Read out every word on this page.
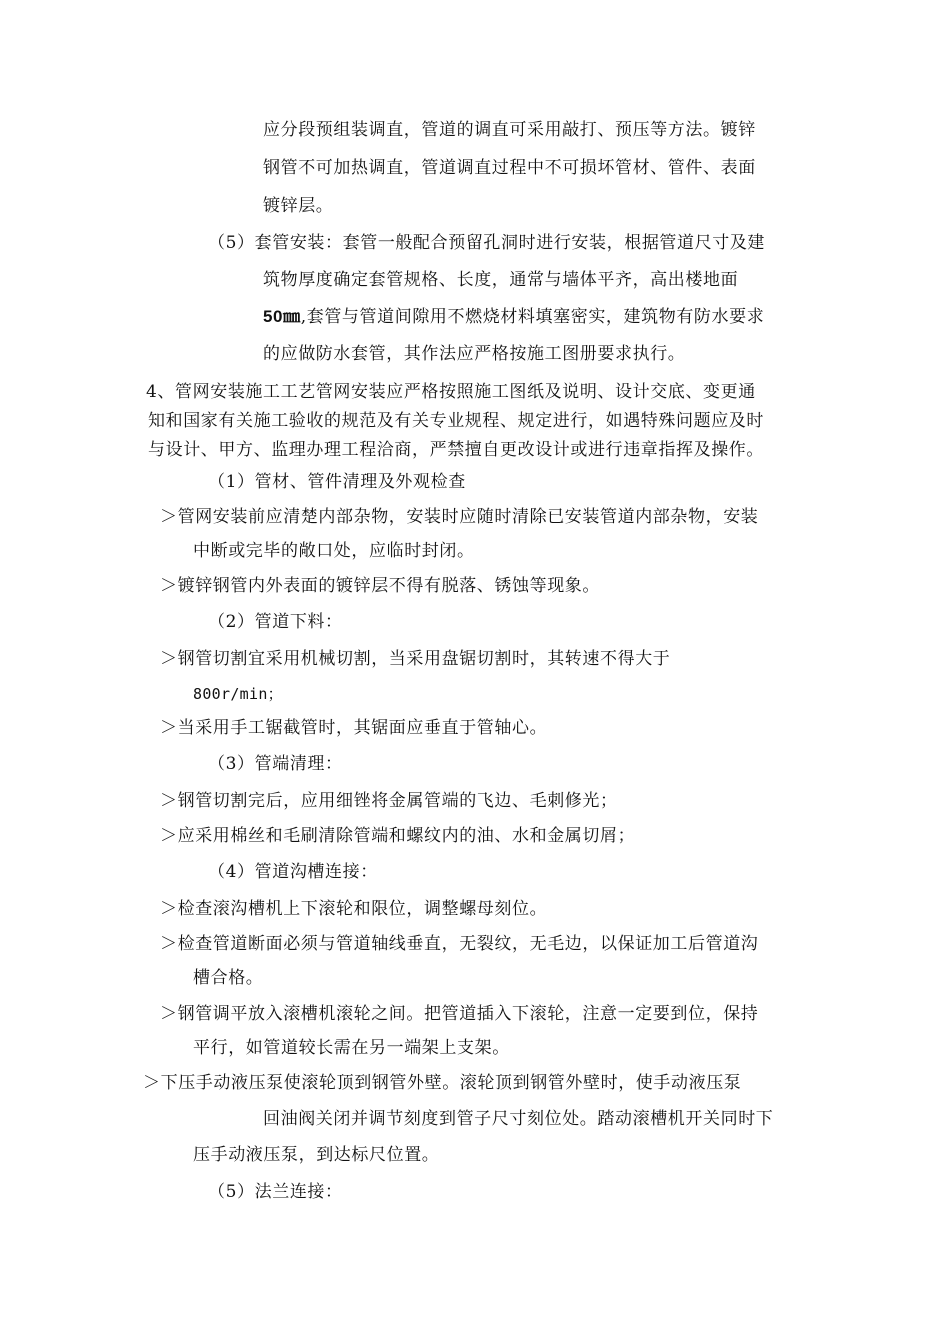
应分段预组装调直，管道的调直可采用敲打、预压等方法。镀锌
钢管不可加热调直，管道调直过程中不可损坏管材、管件、表面
镀锌层。
（5）套管安装：套管一般配合预留孔洞时进行安装，根据管道尺寸及建
筑物厚度确定套管规格、长度，通常与墙体平齐，高出楼地面
50㎜,套管与管道间隙用不燃烧材料填塞密实，建筑物有防水要求
的应做防水套管，其作法应严格按施工图册要求执行。
4、管网安装施工工艺管网安装应严格按照施工图纸及说明、设计交底、变更通
知和国家有关施工验收的规范及有关专业规程、规定进行，如遇特殊问题应及时
与设计、甲方、监理办理工程洽商，严禁擅自更改设计或进行违章指挥及操作。
（1）管材、管件清理及外观检查
＞管网安装前应清楚内部杂物，安装时应随时清除已安装管道内部杂物，安装
中断或完毕的敞口处，应临时封闭。
＞镀锌钢管内外表面的镀锌层不得有脱落、锈蚀等现象。
（2）管道下料：
＞钢管切割宜采用机械切割，当采用盘锯切割时，其转速不得大于
800r/min；
＞当采用手工锯截管时，其锯面应垂直于管轴心。
（3）管端清理：
＞钢管切割完后，应用细锉将金属管端的飞边、毛刺修光；
＞应采用棉丝和毛刷清除管端和螺纹内的油、水和金属切屑；
（4）管道沟槽连接：
＞检查滚沟槽机上下滚轮和限位，调整螺母刻位。
＞检查管道断面必须与管道轴线垂直，无裂纹，无毛边，以保证加工后管道沟
槽合格。
＞钢管调平放入滚槽机滚轮之间。把管道插入下滚轮，注意一定要到位，保持
平行，如管道较长需在另一端架上支架。
＞下压手动液压泵使滚轮顶到钢管外壁。滚轮顶到钢管外壁时，使手动液压泵
回油阀关闭并调节刻度到管子尺寸刻位处。踏动滚槽机开关同时下
压手动液压泵，到达标尺位置。
（5）法兰连接：
